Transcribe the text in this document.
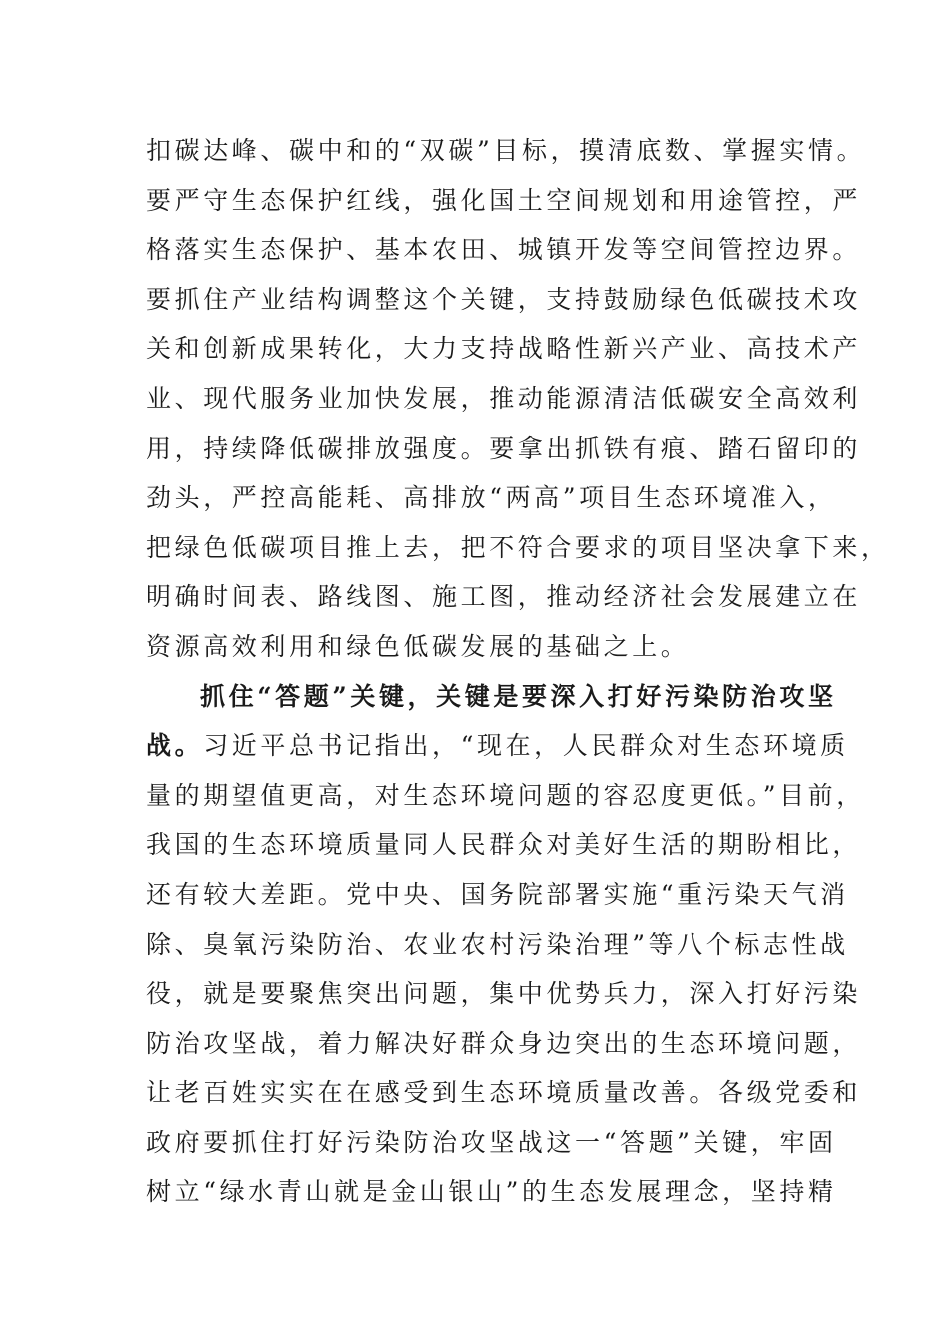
扣碳达峰、碳中和的“双碳”目标，摸清底数、掌握实情。

要严守生态保护红线，强化国土空间规划和用途管控，严

格落实生态保护、基本农田、城镇开发等空间管控边界。

要抓住产业结构调整这个关键，支持鼓励绿色低碳技术攻

关和创新成果转化，大力支持战略性新兴产业、高技术产

业、现代服务业加快发展，推动能源清洁低碳安全高效利

用，持续降低碳排放强度。要拿出抓铁有痕、踏石留印的

劲头，严控高能耗、高排放“两高”项目生态环境准入，

把绿色低碳项目推上去，把不符合要求的项目坚决拿下来，

明确时间表、路线图、施工图，推动经济社会发展建立在

资源高效利用和绿色低碳发展的基础之上。

抓住“答题”关键，关键是要深入打好污染防治攻坚

战。习近平总书记指出，“现在，人民群众对生态环境质

量的期望值更高，对生态环境问题的容忍度更低。”目前，

我国的生态环境质量同人民群众对美好生活的期盼相比，

还有较大差距。党中央、国务院部署实施“重污染天气消

除、臭氧污染防治、农业农村污染治理”等八个标志性战

役，就是要聚焦突出问题，集中优势兵力，深入打好污染

防治攻坚战，着力解决好群众身边突出的生态环境问题，

让老百姓实实在在感受到生态环境质量改善。各级党委和

政府要抓住打好污染防治攻坚战这一“答题”关键，牢固

树立“绿水青山就是金山银山”的生态发展理念，坚持精
